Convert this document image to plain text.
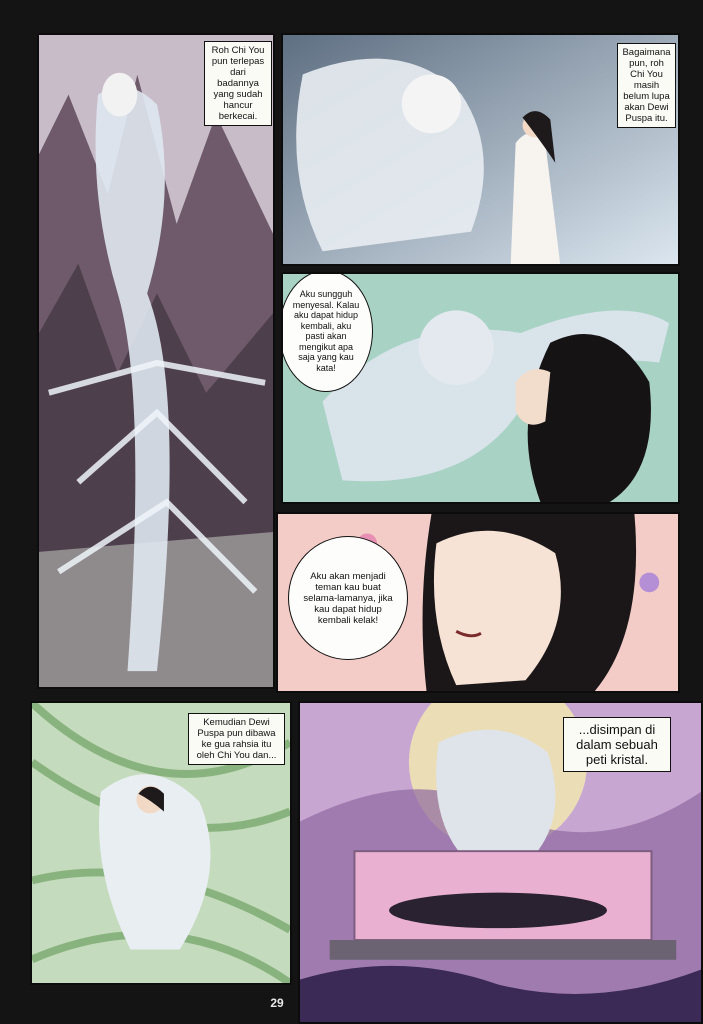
Roh Chi You pun terlepas dari badannya yang sudah hancur berkecai.
Bagaimana pun, roh Chi You masih belum lupa akan Dewi Puspa itu.
Aku sungguh menyesal. Kalau aku dapat hidup kembali, aku pasti akan mengikut apa saja yang kau kata!
Aku akan menjadi teman kau buat selama-lamanya, jika kau dapat hidup kembali kelak!
Kemudian Dewi Puspa pun dibawa ke gua rahsia itu oleh Chi You dan...
...disimpan di dalam sebuah peti kristal.
29
